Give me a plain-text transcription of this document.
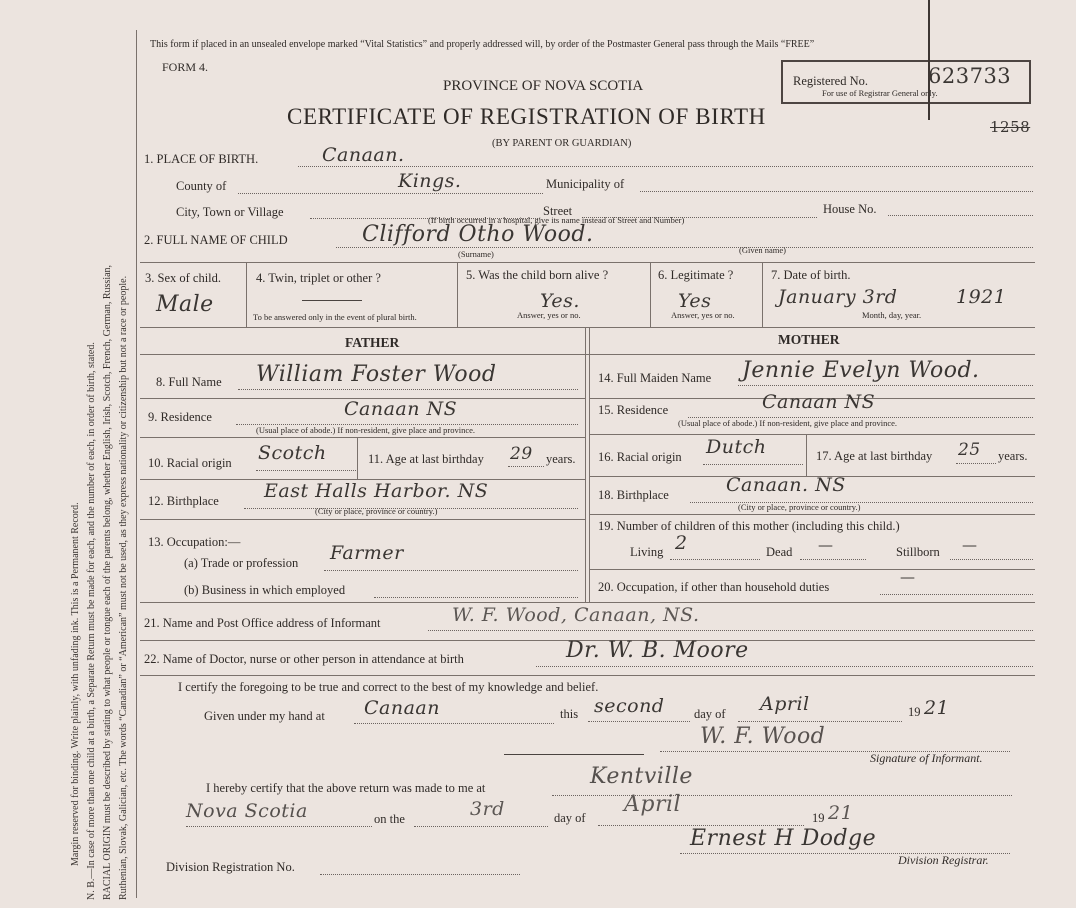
Margin reserved for binding. Write plainly, with unfading ink. This is a Permanent Record. N. B.—In case of more than one child at a birth, a Separate Return must be made for each, and the number of each, in order of birth, stated. RACIAL ORIGIN must be described by stating to what people or tongue each of the parents belong, whether English, Irish, Scotch, French, German, Russian, Ruthenian, Slovak, Galician, etc. The words “Canadian” or “American” must not be used, as they express nationality or citizenship but not a race or people.
This form if placed in an unsealed envelope marked “Vital Statistics” and properly addressed will, by order of the Postmaster General pass through the Mails “FREE”
FORM 4.
PROVINCE OF NOVA SCOTIA
CERTIFICATE OF REGISTRATION OF BIRTH
(BY PARENT OR GUARDIAN)
Registered No.	623733
For use of Registrar General only.
1258
1. PLACE OF BIRTH.	Canaan.
County of	Kings.	Municipality of
City, Town or Village	Street	House No.
(If birth occurred in a hospital, give its name instead of Street and Number)
2. FULL NAME OF CHILD	Clifford Otho Wood.
(Surname)	(Given name)
3. Sex of child.
Male
4. Twin, triplet or other ?
To be answered only in the event of plural birth.
5. Was the child born alive ?
Yes.
Answer, yes or no.
6. Legitimate ?
Yes
Answer, yes or no.
7. Date of birth.
January 3rd	1921
Month, day, year.
FATHER	MOTHER
8. Full Name William Foster Wood
9. Residence	Canaan NS
(Usual place of abode.) If non-resident, give place and province.
10. Racial origin Scotch	11. Age at last birthday 29 years.
12. Birthplace East Halls Harbor. NS
(City or place, province or country.)
13. Occupation:—
(a) Trade or profession Farmer
(b) Business in which employed
14. Full Maiden Name Jennie Evelyn Wood.
15. Residence	Canaan NS
(Usual place of abode.) If non-resident, give place and province.
16. Racial origin Dutch	17. Age at last birthday 25 years.
18. Birthplace	Canaan. NS
(City or place, province or country.)
19. Number of children of this mother (including this child.)
Living 2	Dead —	Stillborn —
20. Occupation, if other than household duties
—
21. Name and Post Office address of Informant	W. F. Wood, Canaan, NS.
22. Name of Doctor, nurse or other person in attendance at birth	Dr. W. B. Moore
I certify the foregoing to be true and correct to the best of my knowledge and belief.
Given under my hand at Canaan	this second day of April	19 21
W. F. Wood
Signature of Informant.
I hereby certify that the above return was made to me at	Kentville
Nova Scotia	on the	3rd	day of
April
19 21
Ernest H Dodge
Division Registrar.
Division Registration No.
